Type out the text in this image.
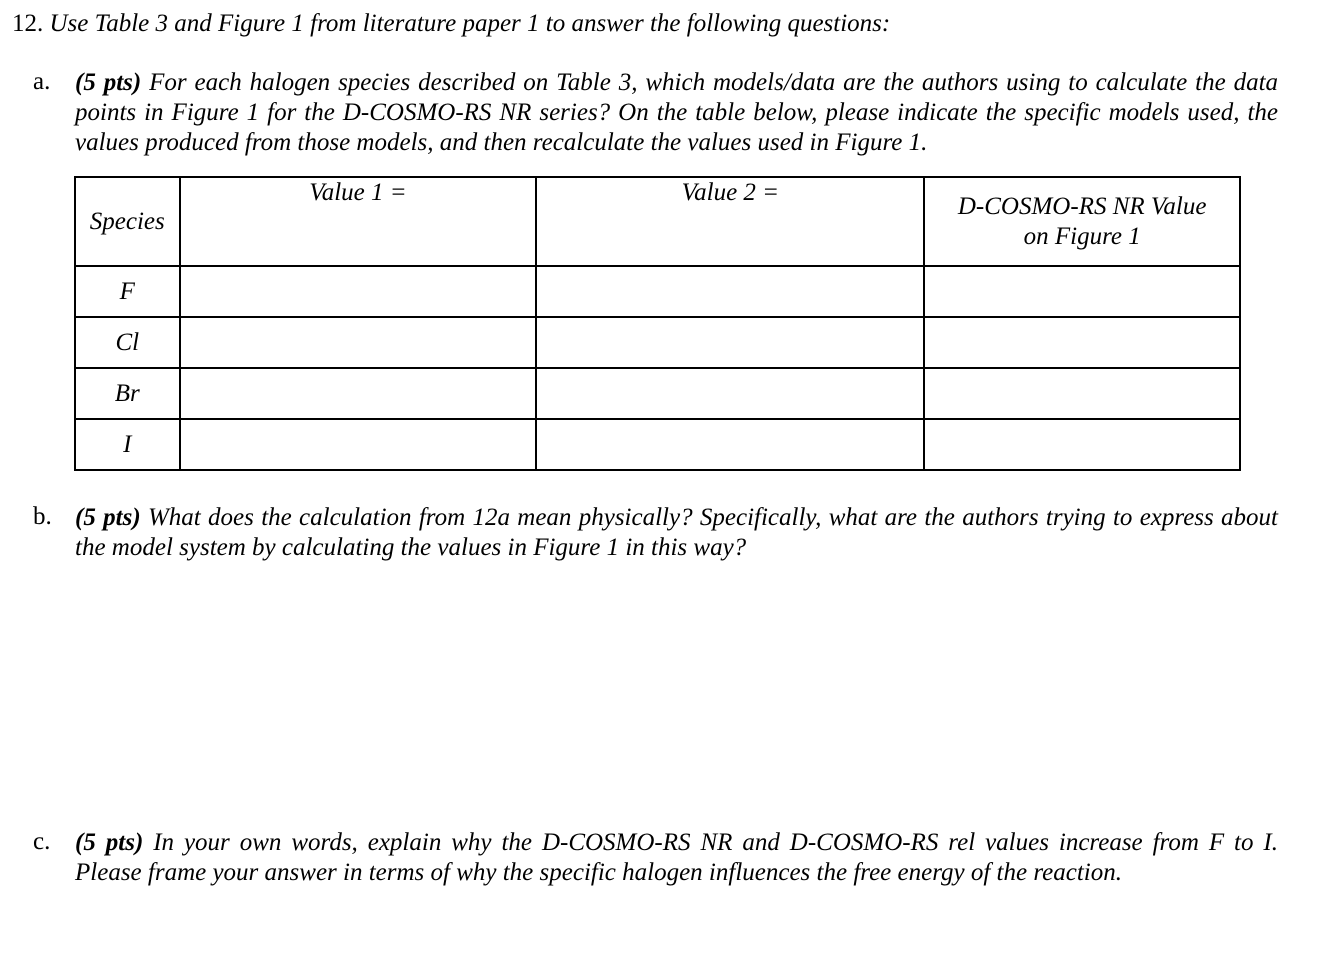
12. Use Table 3 and Figure 1 from literature paper 1 to answer the following questions:
a. (5 pts) For each halogen species described on Table 3, which models/data are the authors using to calculate the data points in Figure 1 for the D-COSMO-RS NR series? On the table below, please indicate the specific models used, the values produced from those models, and then recalculate the values used in Figure 1.
Species	Value 1 =	Value 2 =	D-COSMO-RS NR Value
on Figure 1
F			
Cl			
Br			
I			
b. (5 pts) What does the calculation from 12a mean physically? Specifically, what are the authors trying to express about the model system by calculating the values in Figure 1 in this way?
c. (5 pts) In your own words, explain why the D-COSMO-RS NR and D-COSMO-RS rel values increase from F to I. Please frame your answer in terms of why the specific halogen influences the free energy of the reaction.
